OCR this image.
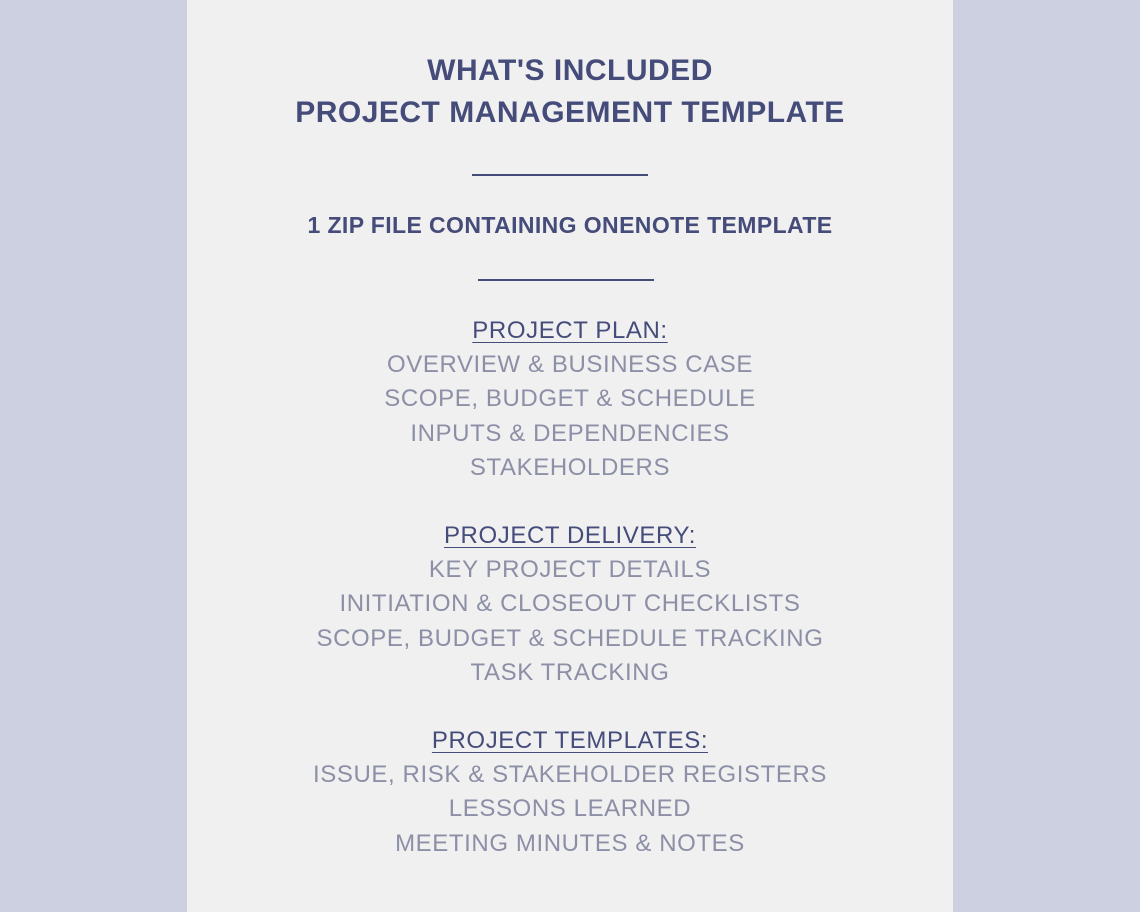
WHAT'S INCLUDED
PROJECT MANAGEMENT TEMPLATE
1 ZIP FILE CONTAINING ONENOTE TEMPLATE
PROJECT PLAN:
OVERVIEW & BUSINESS CASE
SCOPE, BUDGET & SCHEDULE
INPUTS & DEPENDENCIES
STAKEHOLDERS
PROJECT DELIVERY:
KEY PROJECT DETAILS
INITIATION & CLOSEOUT CHECKLISTS
SCOPE, BUDGET & SCHEDULE TRACKING
TASK TRACKING
PROJECT TEMPLATES:
ISSUE, RISK & STAKEHOLDER REGISTERS
LESSONS LEARNED
MEETING MINUTES & NOTES
